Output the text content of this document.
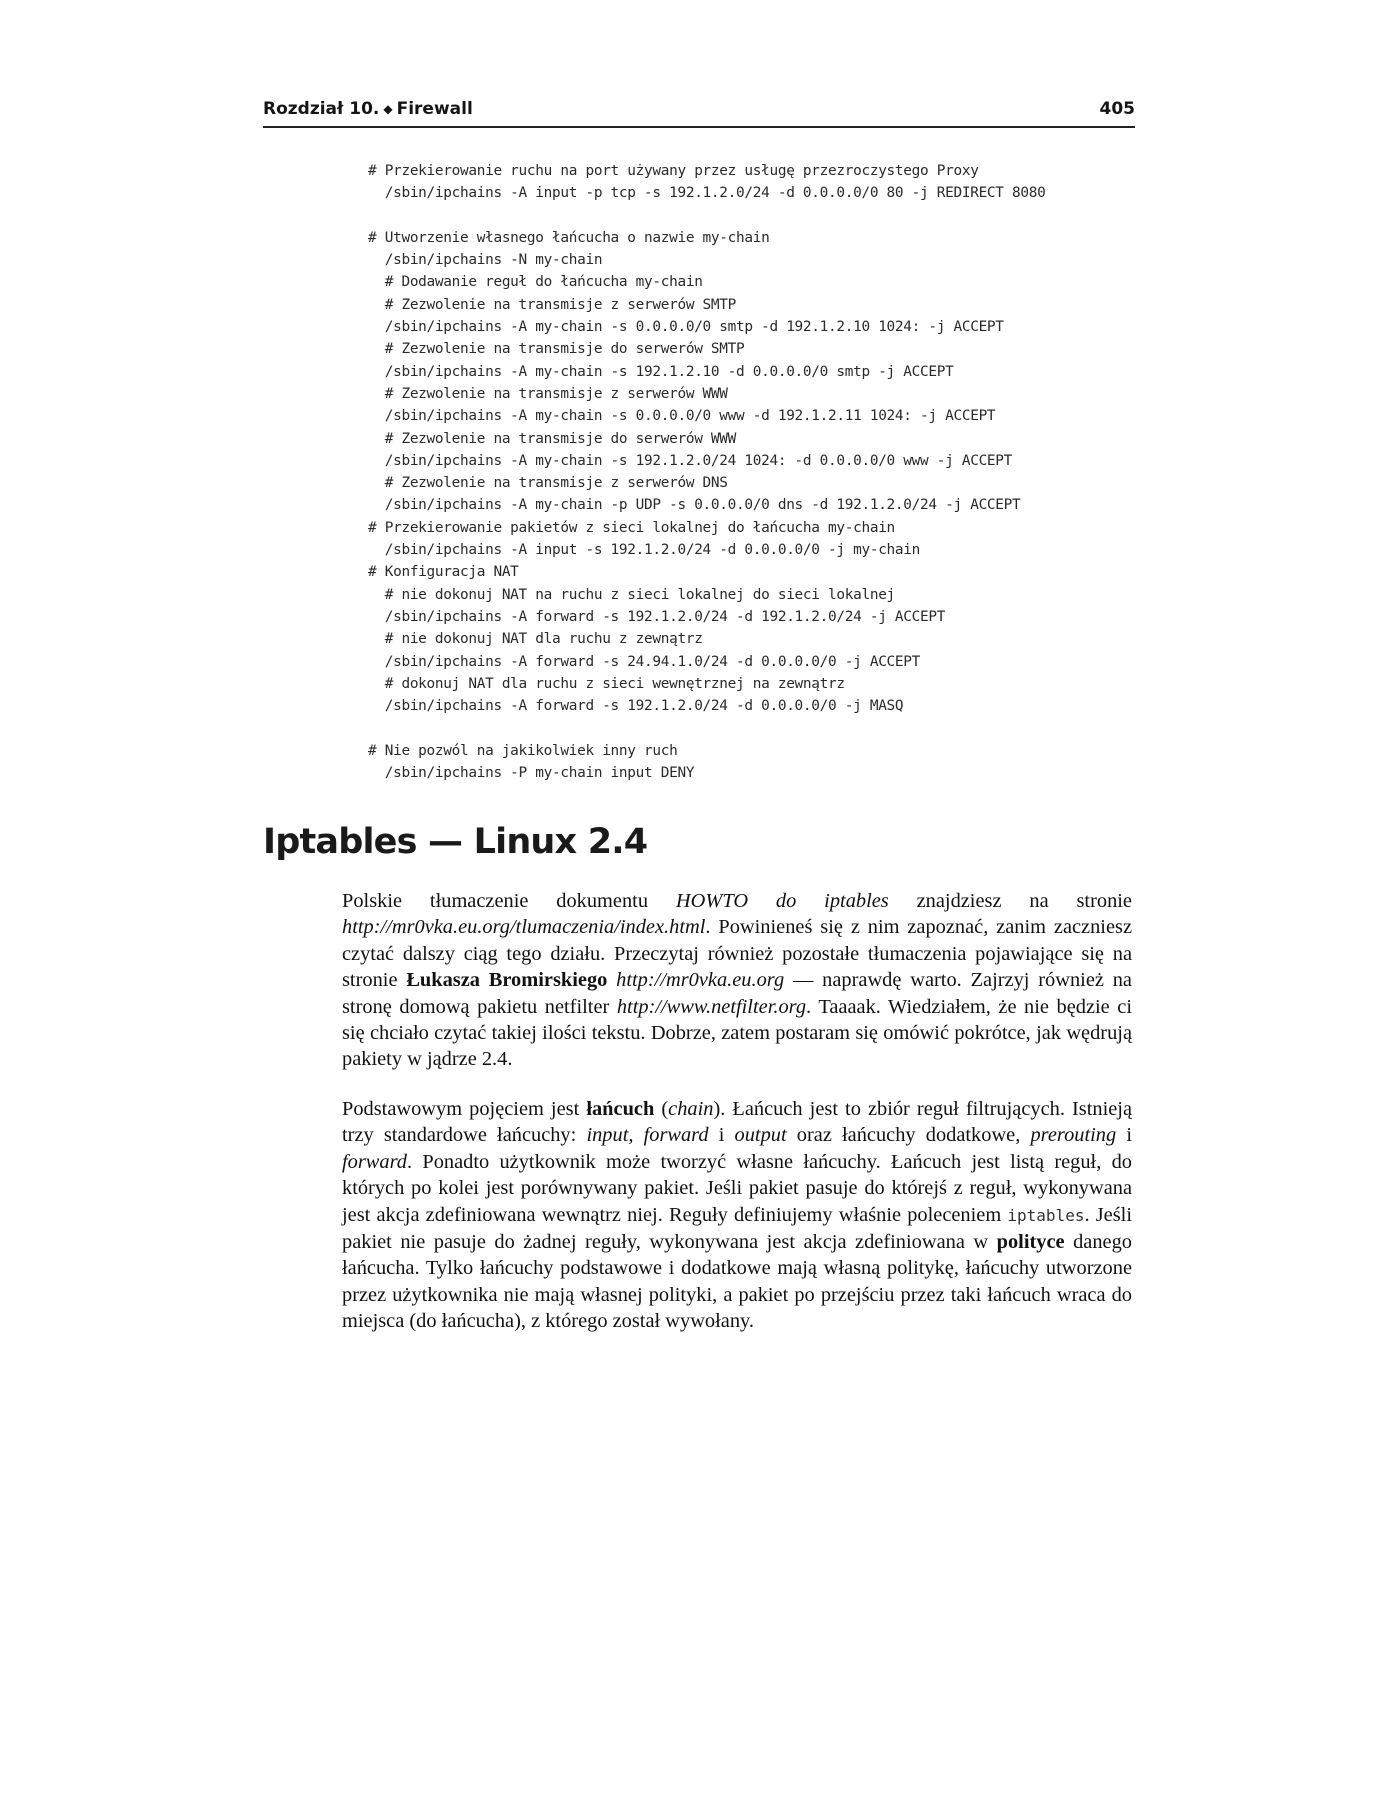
Rozdział 10. ◆ Firewall	405
# Przekierowanie ruchu na port używany przez usługę przezroczystego Proxy
/sbin/ipchains -A input -p tcp -s 192.1.2.0/24 -d 0.0.0.0/0 80 -j REDIRECT 8080
# Utworzenie własnego łańcucha o nazwie my-chain
/sbin/ipchains -N my-chain
# Dodawanie reguł do łańcucha my-chain
# Zezwolenie na transmisje z serwerów SMTP
/sbin/ipchains -A my-chain -s 0.0.0.0/0 smtp -d 192.1.2.10 1024: -j ACCEPT
# Zezwolenie na transmisje do serwerów SMTP
/sbin/ipchains -A my-chain -s 192.1.2.10 -d 0.0.0.0/0 smtp -j ACCEPT
# Zezwolenie na transmisje z serwerów WWW
/sbin/ipchains -A my-chain -s 0.0.0.0/0 www -d 192.1.2.11 1024: -j ACCEPT
# Zezwolenie na transmisje do serwerów WWW
/sbin/ipchains -A my-chain -s 192.1.2.0/24 1024: -d 0.0.0.0/0 www -j ACCEPT
# Zezwolenie na transmisje z serwerów DNS
/sbin/ipchains -A my-chain -p UDP -s 0.0.0.0/0 dns -d 192.1.2.0/24 -j ACCEPT
# Przekierowanie pakietów z sieci lokalnej do łańcucha my-chain
/sbin/ipchains -A input -s 192.1.2.0/24 -d 0.0.0.0/0 -j my-chain
# Konfiguracja NAT
# nie dokonuj NAT na ruchu z sieci lokalnej do sieci lokalnej
/sbin/ipchains -A forward -s 192.1.2.0/24 -d 192.1.2.0/24 -j ACCEPT
# nie dokonuj NAT dla ruchu z zewnątrz
/sbin/ipchains -A forward -s 24.94.1.0/24 -d 0.0.0.0/0 -j ACCEPT
# dokonuj NAT dla ruchu z sieci wewnętrznej na zewnątrz
/sbin/ipchains -A forward -s 192.1.2.0/24 -d 0.0.0.0/0 -j MASQ
# Nie pozwól na jakikolwiek inny ruch
/sbin/ipchains -P my-chain input DENY
Iptables — Linux 2.4

Polskie tłumaczenie dokumentu HOWTO do iptables znajdziesz na stronie http://mr0vka.eu.org/tlumaczenia/index.html. Powinieneś się z nim zapoznać, zanim zaczniesz czytać dalszy ciąg tego działu. Przeczytaj również pozostałe tłumaczenia pojawiające się na stronie Łukasza Bromirskiego http://mr0vka.eu.org — naprawdę warto. Zajrzyj również na stronę domową pakietu netfilter http://www.netfilter.org. Taaaak. Wiedziałem, że nie będzie ci się chciało czytać takiej ilości tekstu. Dobrze, zatem postaram się omówić pokrótce, jak wędrują pakiety w jądrze 2.4.

Podstawowym pojęciem jest łańcuch (chain). Łańcuch jest to zbiór reguł filtrujących. Istnieją trzy standardowe łańcuchy: input, forward i output oraz łańcuchy dodatkowe, prerouting i forward. Ponadto użytkownik może tworzyć własne łańcuchy. Łańcuch jest listą reguł, do których po kolei jest porównywany pakiet. Jeśli pakiet pasuje do którejś z reguł, wykonywana jest akcja zdefiniowana wewnątrz niej. Reguły definiujemy właśnie poleceniem iptables. Jeśli pakiet nie pasuje do żadnej reguły, wykonywana jest akcja zdefiniowana w polityce danego łańcucha. Tylko łańcuchy podstawowe i dodatkowe mają własną politykę, łańcuchy utworzone przez użytkownika nie mają własnej polityki, a pakiet po przejściu przez taki łańcuch wraca do miejsca (do łańcucha), z którego został wywołany.
